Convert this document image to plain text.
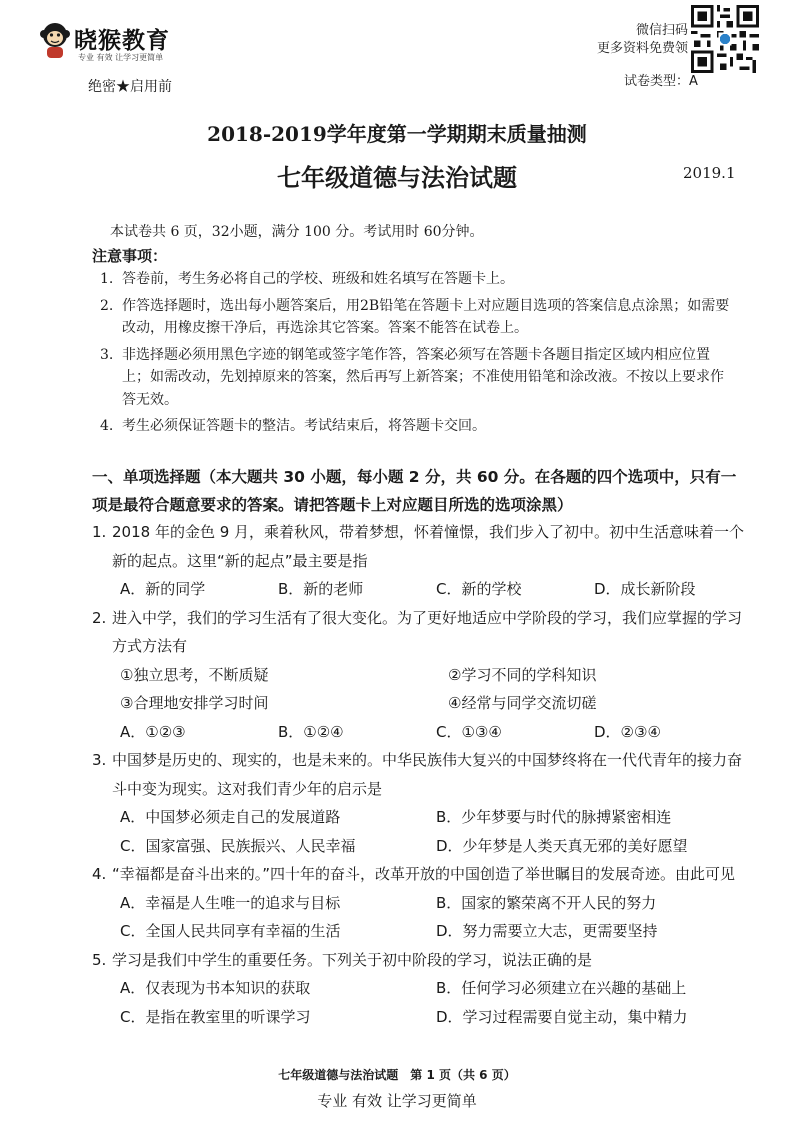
晓猴教育
专业 有效 让学习更简单
绝密★启用前
微信扫码
更多资料免费领
试卷类型：A
2018-2019学年度第一学期期末质量抽测
七年级道德与法治试题	2019.1
本试卷共 6 页，32小题，满分 100 分。考试用时 60分钟。
注意事项：
1. 答卷前，考生务必将自己的学校、班级和姓名填写在答题卡上。
2. 作答选择题时，选出每小题答案后，用2B铅笔在答题卡上对应题目选项的答案信息点涂黑；如需要改动，用橡皮擦干净后，再选涂其它答案。答案不能答在试卷上。
3. 非选择题必须用黑色字迹的钢笔或签字笔作答，答案必须写在答题卡各题目指定区域内相应位置上；如需改动，先划掉原来的答案，然后再写上新答案；不准使用铅笔和涂改液。不按以上要求作答无效。
4. 考生必须保证答题卡的整洁。考试结束后，将答题卡交回。
一、单项选择题（本大题共 30 小题，每小题 2 分，共 60 分。在各题的四个选项中，只有一项是最符合题意要求的答案。请把答题卡上对应题目所选的选项涂黑）
1. 2018 年的金色 9 月，乘着秋风，带着梦想，怀着憧憬，我们步入了初中。初中生活意味着一个新的起点。这里“新的起点”最主要是指
A．新的同学	B．新的老师	C．新的学校	D．成长新阶段
2. 进入中学，我们的学习生活有了很大变化。为了更好地适应中学阶段的学习，我们应掌握的学习方式方法有
①独立思考，不断质疑	②学习不同的学科知识
③合理地安排学习时间	④经常与同学交流切磋
A．①②③	B．①②④	C．①③④	D．②③④
3. 中国梦是历史的、现实的，也是未来的。中华民族伟大复兴的中国梦终将在一代代青年的接力奋斗中变为现实。这对我们青少年的启示是
A．中国梦必须走自己的发展道路	B．少年梦要与时代的脉搏紧密相连
C．国家富强、民族振兴、人民幸福	D．少年梦是人类天真无邪的美好愿望
4. “幸福都是奋斗出来的。”四十年的奋斗，改革开放的中国创造了举世瞩目的发展奇迹。由此可见
A．幸福是人生唯一的追求与目标	B．国家的繁荣离不开人民的努力
C．全国人民共同享有幸福的生活	D．努力需要立大志，更需要坚持
5. 学习是我们中学生的重要任务。下列关于初中阶段的学习，说法正确的是
A．仅表现为书本知识的获取	B．任何学习必须建立在兴趣的基础上
C．是指在教室里的听课学习	D．学习过程需要自觉主动，集中精力
七年级道德与法治试题　第 1 页（共 6 页）
专业 有效 让学习更简单
